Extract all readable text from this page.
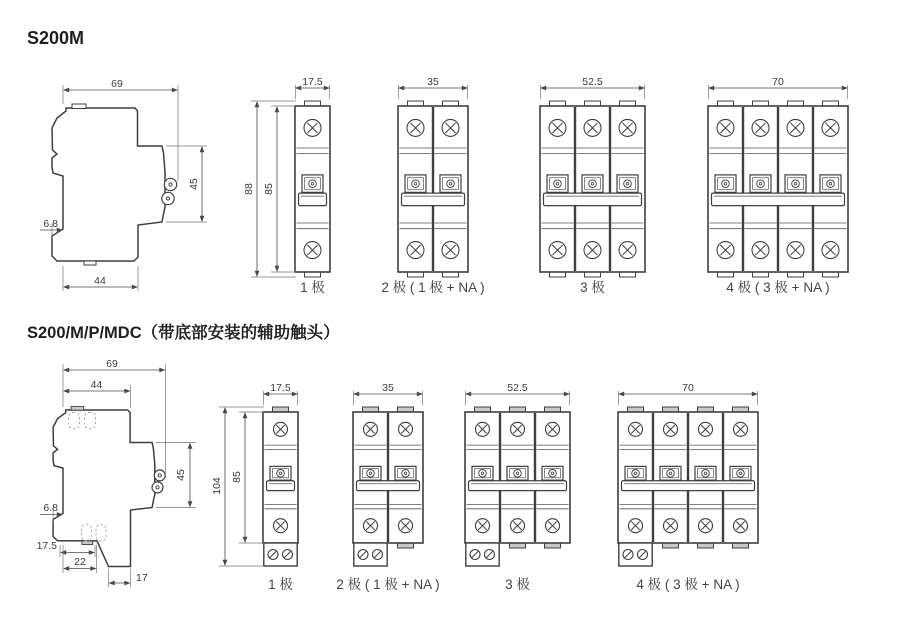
S200M
S200/M/P/MDC（带底部安装的辅助触头）
69
45
6.8
44
17.5
88 85
35	52.5	70
1 极	2 极 ( 1 极 + NA )	3 极	4 极 ( 3 极 + NA )
69
44
45
6.8
17.5
22
17
17.5
104
85
35	52.5	70
1 极	2 极 ( 1 极 + NA )	3 极	4 极 ( 3 极 + NA )
